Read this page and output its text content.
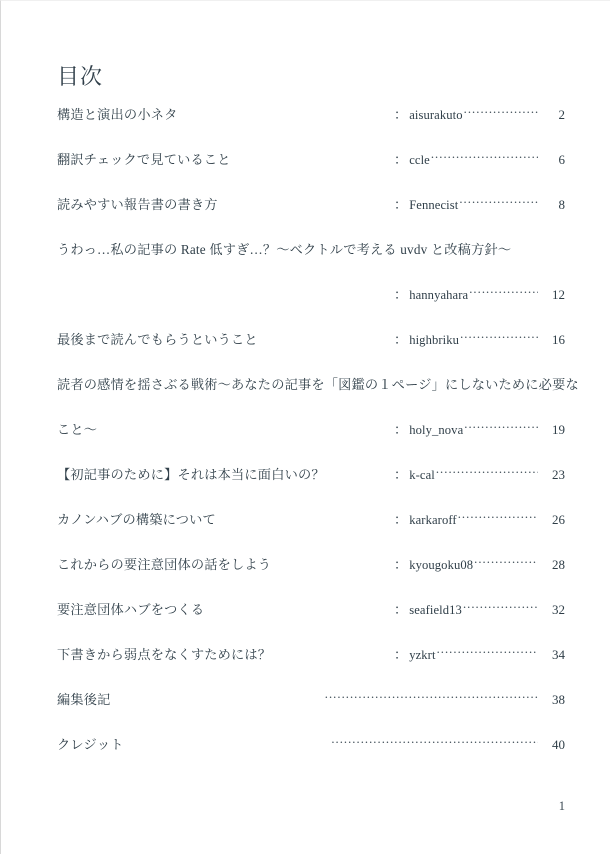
目次
構造と演出の小ネタ	： aisurakuto .....	2
翻訳チェックで見ていること	： ccle .....	6
読みやすい報告書の書き方	： Fennecist .....	8
うわっ…私の記事の Rate 低すぎ…？～ベクトルで考える uvdv と改稿方針～
： hannyahara .....	12
最後まで読んでもらうということ	： highbriku .....	16
読者の感情を揺さぶる戦術～あなたの記事を「図鑑の１ページ」にしないために必要な
こと～	： holy_nova .....	19
【初記事のために】それは本当に面白いの？	： k-cal .....	23
カノンハブの構築について	： karkaroff .....	26
これからの要注意団体の話をしよう	： kyougoku08 .....	28
要注意団体ハブをつくる	： seafield13 .....	32
下書きから弱点をなくすためには？	： yzkrt .....	34
編集後記 .....	38
クレジット .....	40
1
